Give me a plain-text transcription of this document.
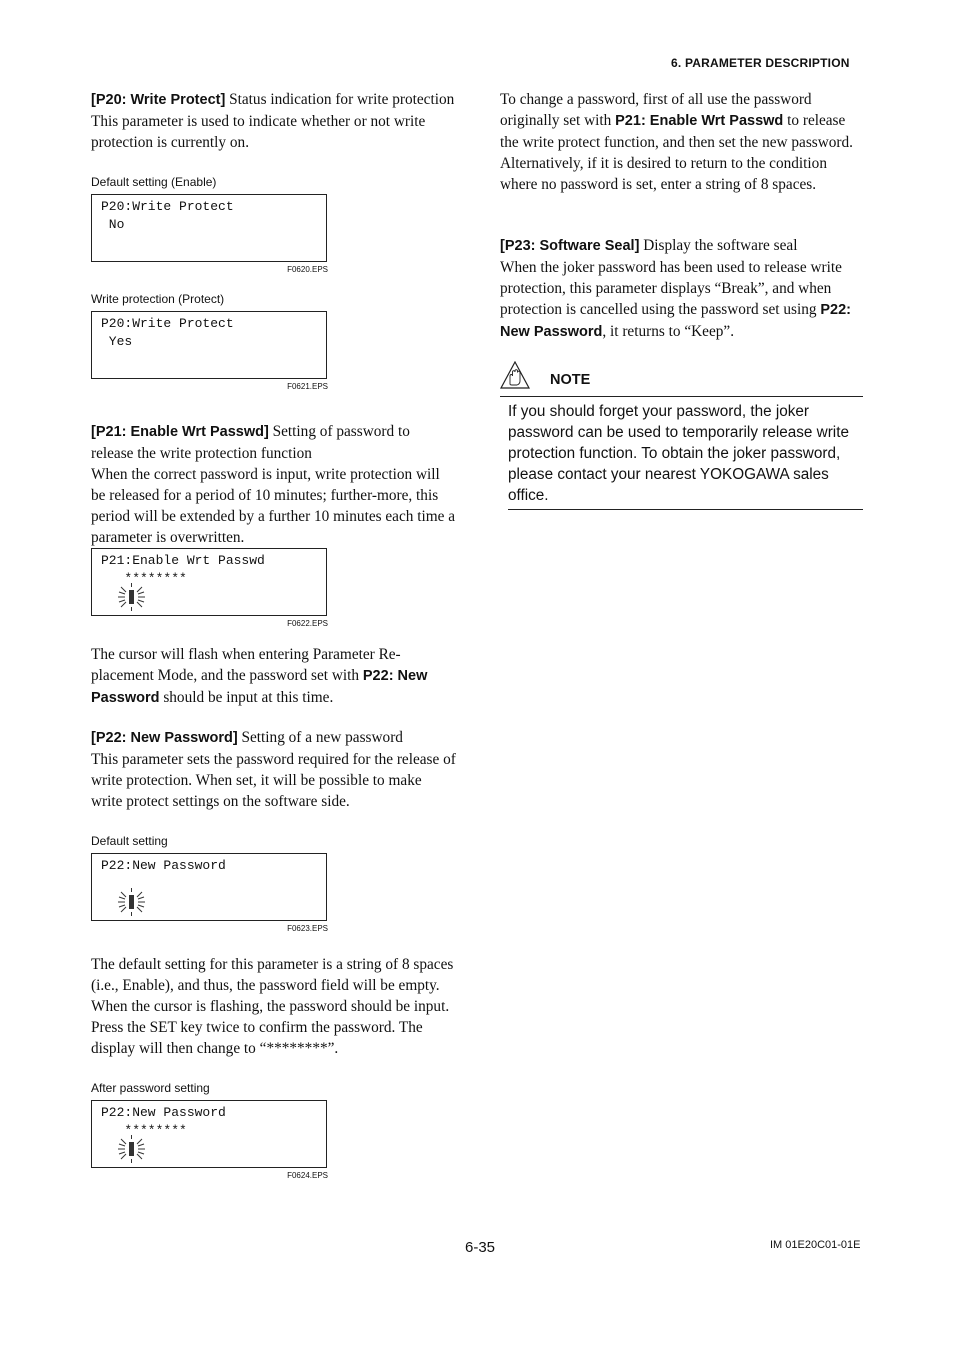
6. PARAMETER DESCRIPTION

[P20: Write Protect] Status indication for write protection

This parameter is used to indicate whether or not write protection is currently on.

Default setting (Enable)
P20:Write Protect
No
F0620.EPS
Write protection (Protect)
P20:Write Protect
Yes
F0621.EPS

[P21: Enable Wrt Passwd] Setting of password to release the write protection function

When the correct password is input, write protection will be released for a period of 10 minutes; further-more, this period will be extended by a further 10 minutes each time a parameter is overwritten.

P21:Enable Wrt Passwd
********

F0622.EPS

The cursor will flash when entering Parameter Re-placement Mode, and the password set with P22: New Password should be input at this time.

[P22: New Password] Setting of a new password

This parameter sets the password required for the release of write protection. When set, it will be possible to make write protect settings on the software side.

Default setting
P22:New Password

F0623.EPS
The default setting for this parameter is a string of 8 spaces (i.e., Enable), and thus, the password field will be empty. When the cursor is flashing, the password should be input. Press the SET key twice to confirm the password. The display will then change to “********”.
After password setting
P22:New Password
********

F0624.EPS

To change a password, first of all use the password originally set with P21: Enable Wrt Passwd to release the write protect function, and then set the new password. Alternatively, if it is desired to return to the condition where no password is set, enter a string of 8 spaces.

[P23: Software Seal] Display the software seal

When the joker password has been used to release write protection, this parameter displays “Break”, and when protection is cancelled using the password set using P22: New Password, it returns to “Keep”.

NOTE
If you should forget your password, the joker password can be used to temporarily release write protection function. To obtain the joker password, please contact your nearest YOKOGAWA sales office.
6-35	IM 01E20C01-01E
